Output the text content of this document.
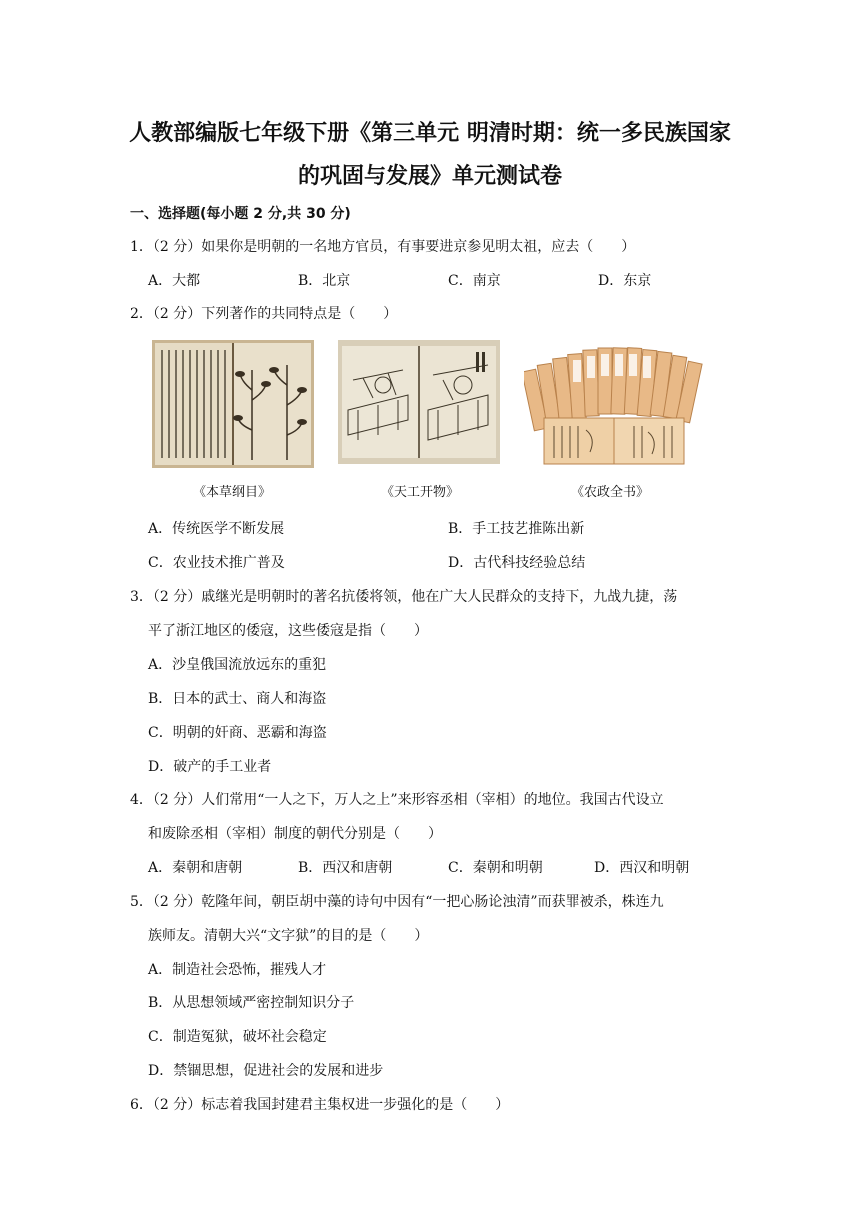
人教部编版七年级下册《第三单元 明清时期：统一多民族国家
的巩固与发展》单元测试卷
一、选择题(每小题 2 分,共 30 分)
1．（2 分）如果你是明朝的一名地方官员，有事要进京参见明太祖，应去（　　）
A．大都	B．北京	C．南京	D．东京
2．（2 分）下列著作的共同特点是（　　）
《本草纲目》	《天工开物》	《农政全书》
A．传统医学不断发展	B．手工技艺推陈出新
C．农业技术推广普及	D．古代科技经验总结
3．（2 分）戚继光是明朝时的著名抗倭将领，他在广大人民群众的支持下，九战九捷，荡
平了浙江地区的倭寇，这些倭寇是指（　　）
A．沙皇俄国流放远东的重犯
B．日本的武士、商人和海盗
C．明朝的奸商、恶霸和海盗
D．破产的手工业者
4．（2 分）人们常用“一人之下，万人之上”来形容丞相（宰相）的地位。我国古代设立
和废除丞相（宰相）制度的朝代分别是（　　）
A．秦朝和唐朝	B．西汉和唐朝	C．秦朝和明朝	D．西汉和明朝
5．（2 分）乾隆年间，朝臣胡中藻的诗句中因有“一把心肠论浊清”而获罪被杀，株连九
族师友。清朝大兴“文字狱”的目的是（　　）
A．制造社会恐怖，摧残人才
B．从思想领域严密控制知识分子
C．制造冤狱，破坏社会稳定
D．禁锢思想，促进社会的发展和进步
6．（2 分）标志着我国封建君主集权进一步强化的是（　　）
